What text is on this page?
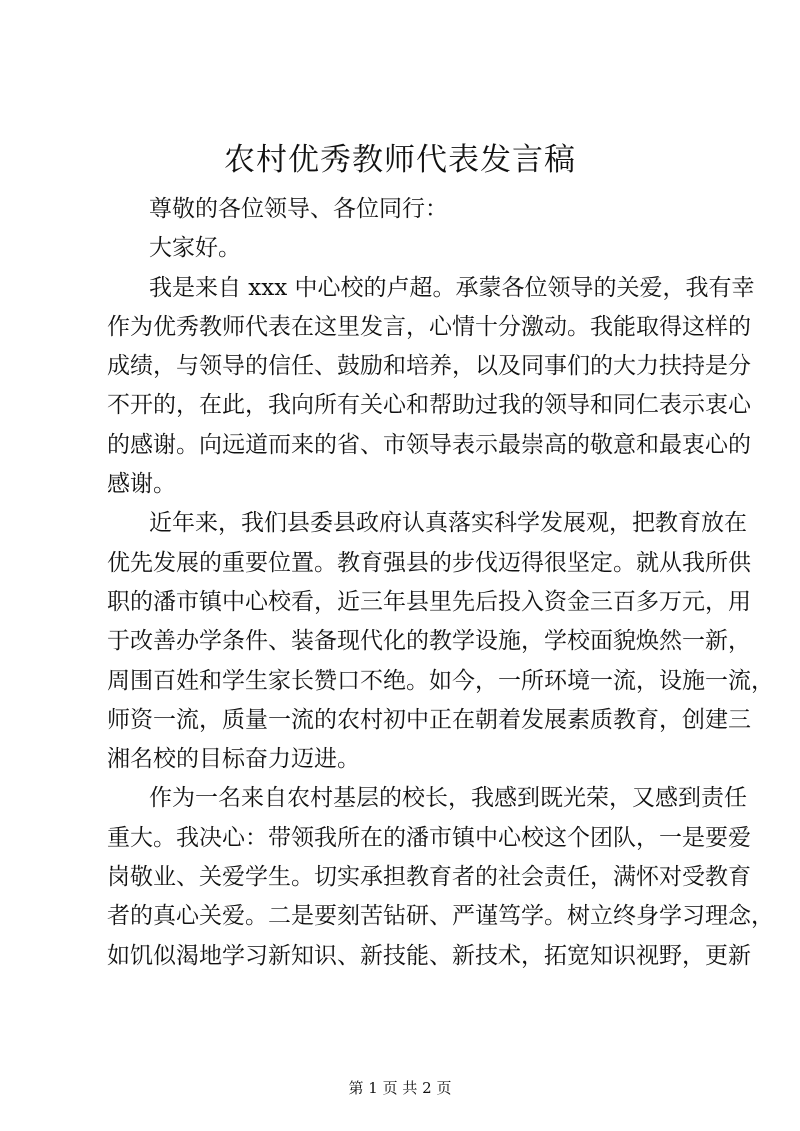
农村优秀教师代表发言稿
尊敬的各位领导、各位同行：
大家好。
我是来自 xxx 中心校的卢超。承蒙各位领导的关爱，我有幸
作为优秀教师代表在这里发言，心情十分激动。我能取得这样的
成绩，与领导的信任、鼓励和培养，以及同事们的大力扶持是分
不开的，在此，我向所有关心和帮助过我的领导和同仁表示衷心
的感谢。向远道而来的省、市领导表示最崇高的敬意和最衷心的
感谢。
近年来，我们县委县政府认真落实科学发展观，把教育放在
优先发展的重要位置。教育强县的步伐迈得很坚定。就从我所供
职的潘市镇中心校看，近三年县里先后投入资金三百多万元，用
于改善办学条件、装备现代化的教学设施，学校面貌焕然一新，
周围百姓和学生家长赞口不绝。如今，一所环境一流，设施一流，
师资一流，质量一流的农村初中正在朝着发展素质教育，创建三
湘名校的目标奋力迈进。
作为一名来自农村基层的校长，我感到既光荣，又感到责任
重大。我决心：带领我所在的潘市镇中心校这个团队，一是要爱
岗敬业、关爱学生。切实承担教育者的社会责任，满怀对受教育
者的真心关爱。二是要刻苦钻研、严谨笃学。树立终身学习理念，
如饥似渴地学习新知识、新技能、新技术，拓宽知识视野，更新
第 1 页 共 2 页
